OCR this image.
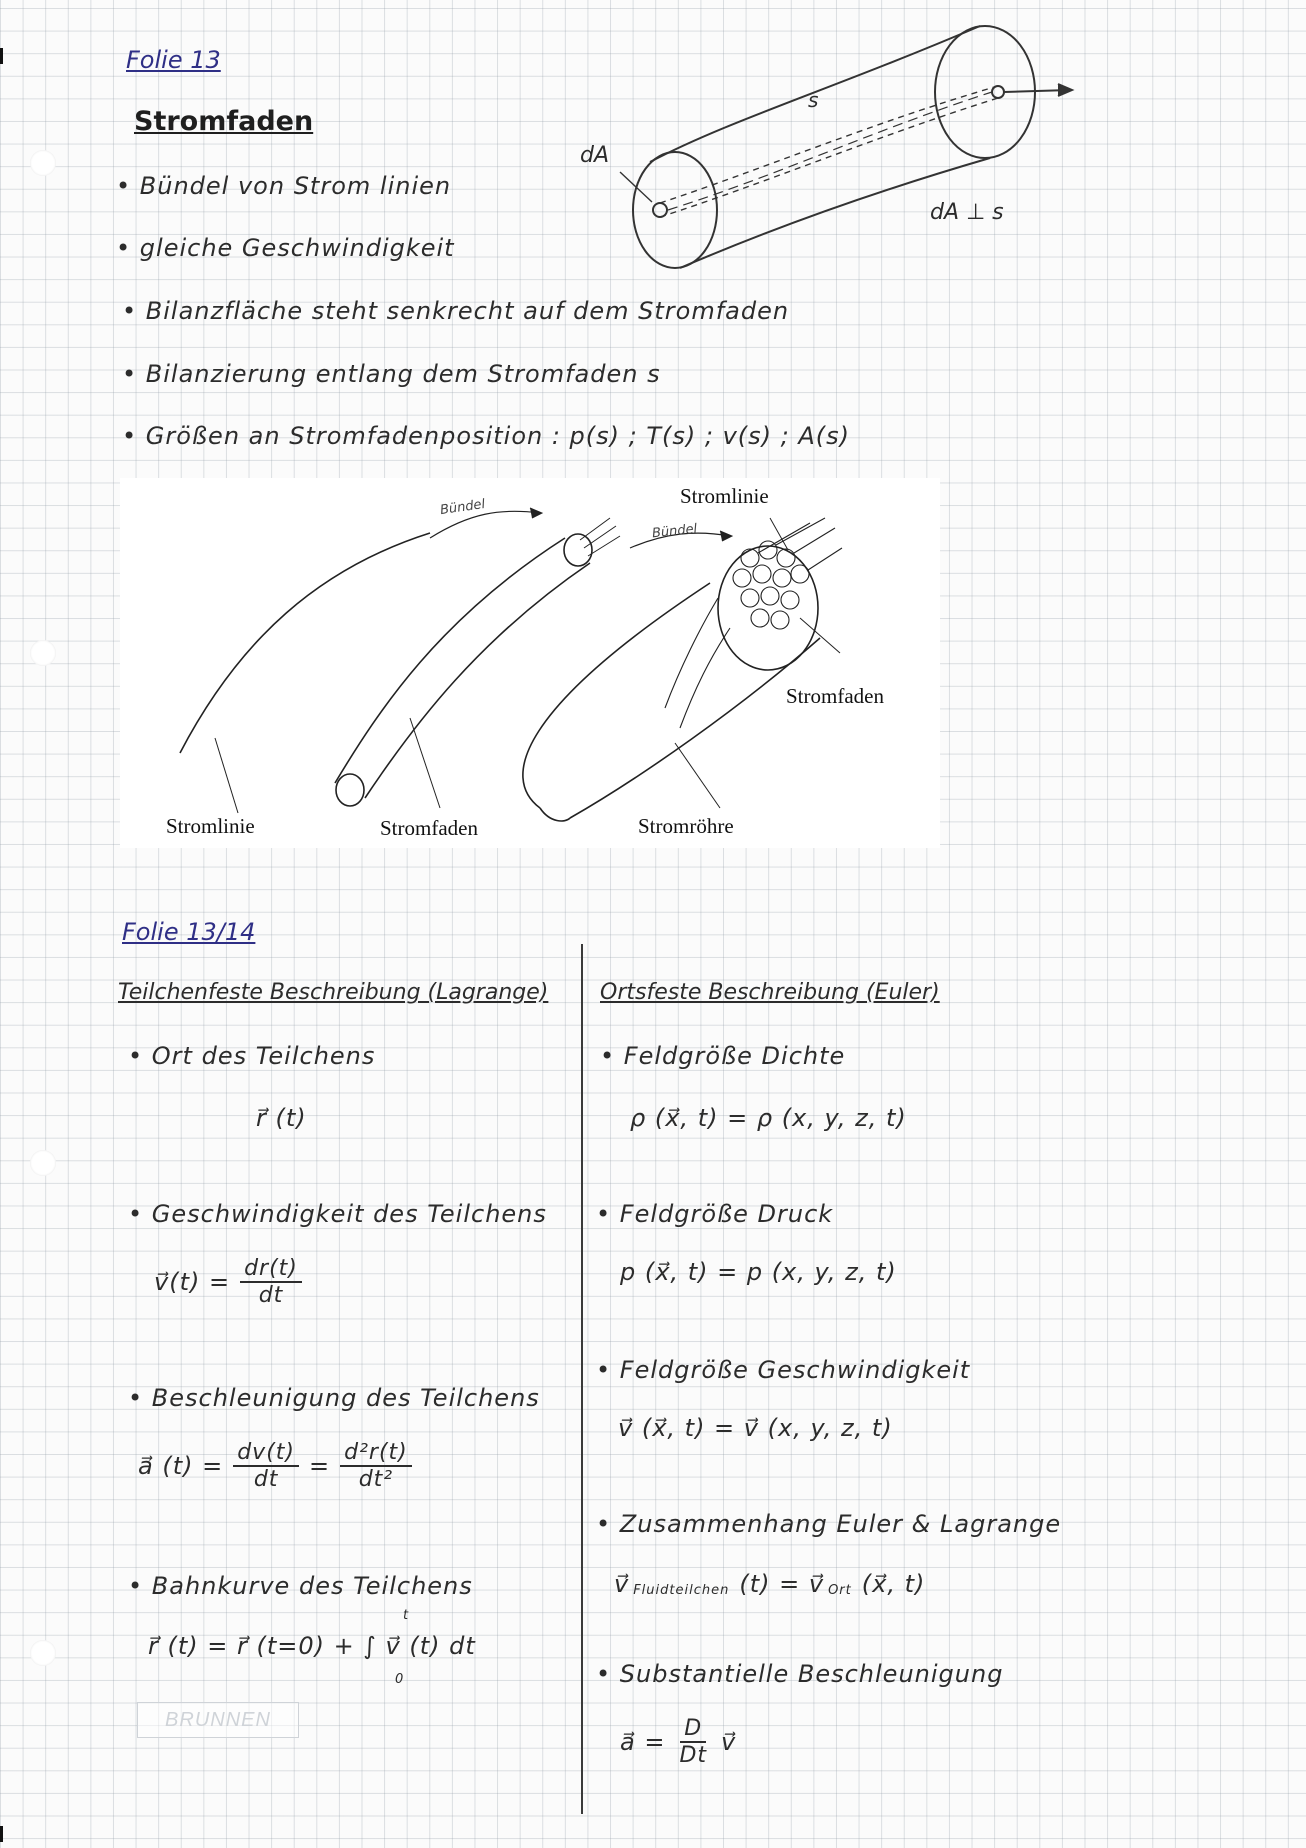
Folie 13
Stromfaden
• Bündel von Strom linien
• gleiche Geschwindigkeit
• Bilanzfläche steht senkrecht auf dem Stromfaden
• Bilanzierung entlang dem Stromfaden s
• Größen an Stromfadenposition : p(s) ; T(s) ; v(s) ; A(s)
dA
s
dA ⊥ s
Bündel
Bündel
Stromlinie
Stromfaden
Stromlinie	Stromfaden	Stromröhre
Folie 13/14
Teilchenfeste Beschreibung (Lagrange) Ortsfeste Beschreibung (Euler)
• Ort des Teilchens
r⃗ (t)
• Geschwindigkeit des Teilchens
v⃗(t) = $\frac{dr(t)}{dt}$
• Beschleunigung des Teilchens
a⃗ $(t) = \frac{dv(t)}{dt} = \frac{\text{d²r(t)}}{\text{dt²}}$
• Bahnkurve des Teilchens
r⃗ (t) = r⃗ (t=0) + ∫ v⃗ (t) dt
t
0
• Feldgröße Dichte
ρ (x⃗, t) = ρ (x, y, z, t)
• Feldgröße Druck
p (x⃗, t) = p (x, y, z, t)
• Feldgröße Geschwindigkeit
v⃗ (x⃗, t) = v⃗ (x, y, z, t)
• Zusammenhang Euler & Lagrange
v⃗ Fluidteilchen (t) = v⃗ Ort (x⃗, t)
• Substantielle Beschleunigung
a⃗ = $\frac{D}{Dt}$ v⃗
BRUNNEN
